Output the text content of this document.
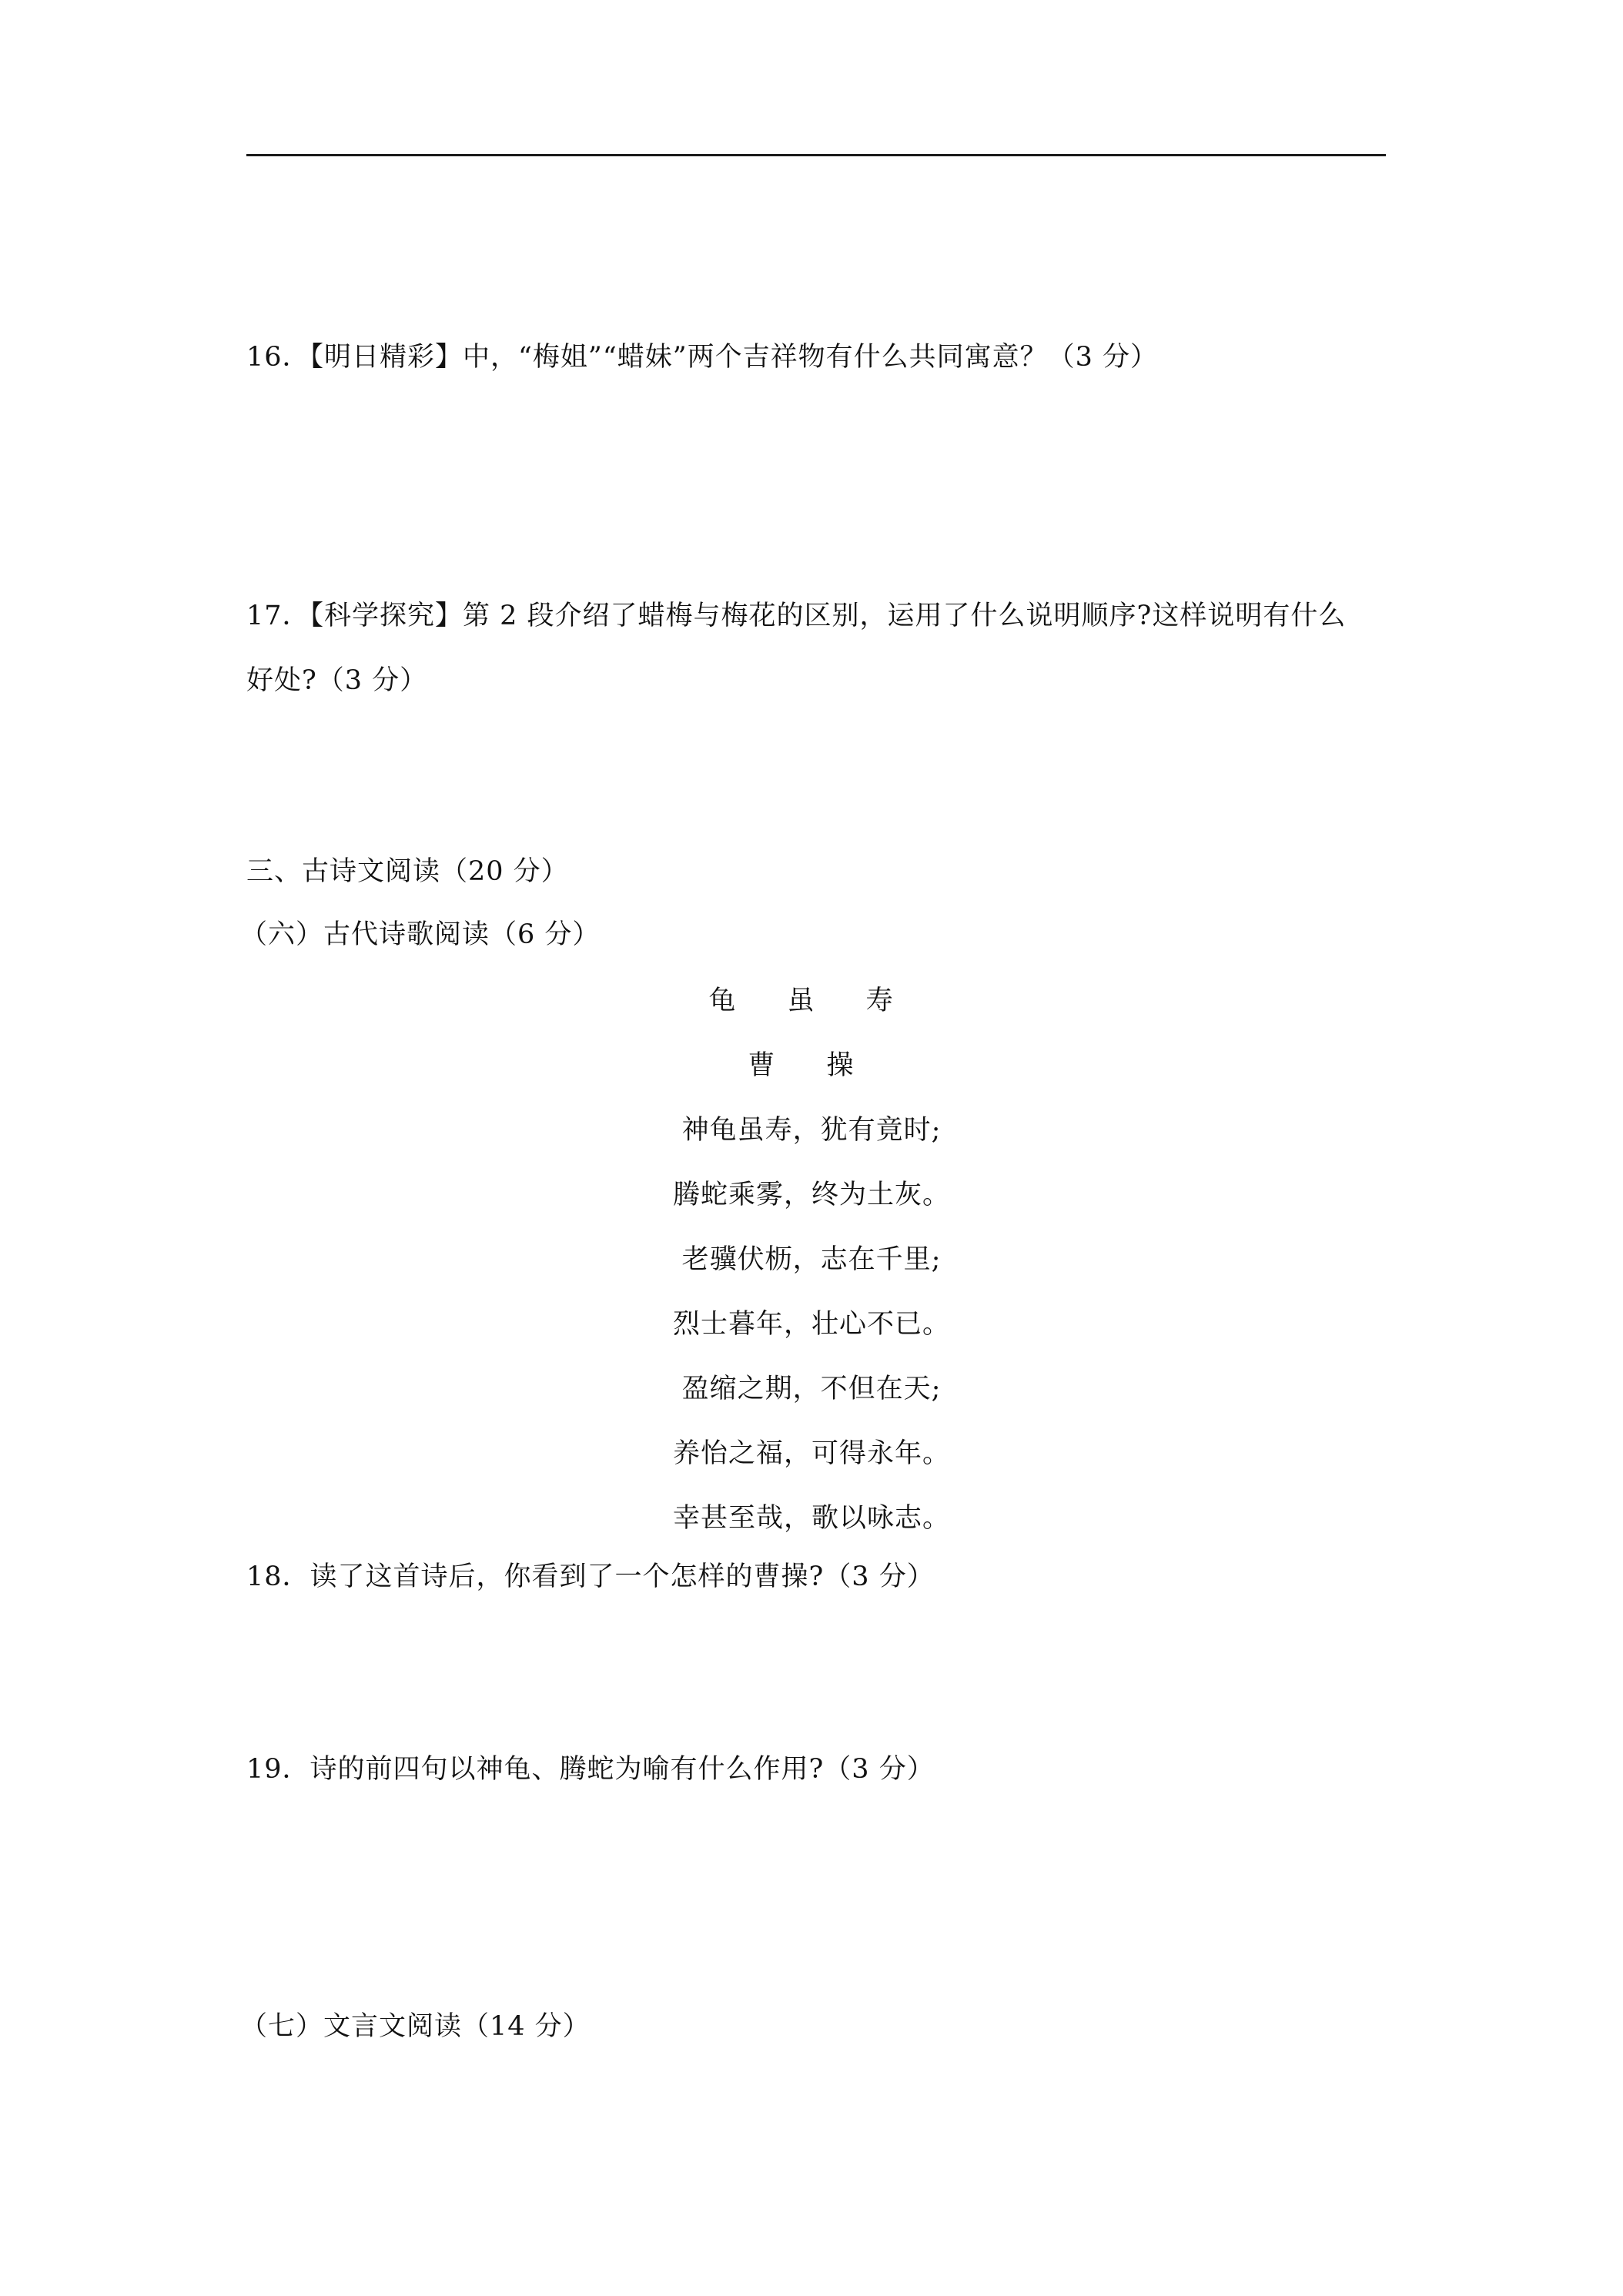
16．【明日精彩】中，“梅姐”“蜡妹”两个吉祥物有什么共同寓意？（3 分）
17．【科学探究】第 2 段介绍了蜡梅与梅花的区别，运用了什么说明顺序?这样说明有什么
好处?（3 分）
三、古诗文阅读（20 分）
（六）古代诗歌阅读（6 分）
龟 虽 寿
曹 操
神龟虽寿，犹有竟时;
腾蛇乘雾，终为土灰。
老骥伏枥，志在千里;
烈士暮年，壮心不已。
盈缩之期，不但在天;
养怡之福，可得永年。
幸甚至哉，歌以咏志。
18．读了这首诗后，你看到了一个怎样的曹操?（3 分）
19．诗的前四句以神龟、腾蛇为喻有什么作用?（3 分）
（七）文言文阅读（14 分）
